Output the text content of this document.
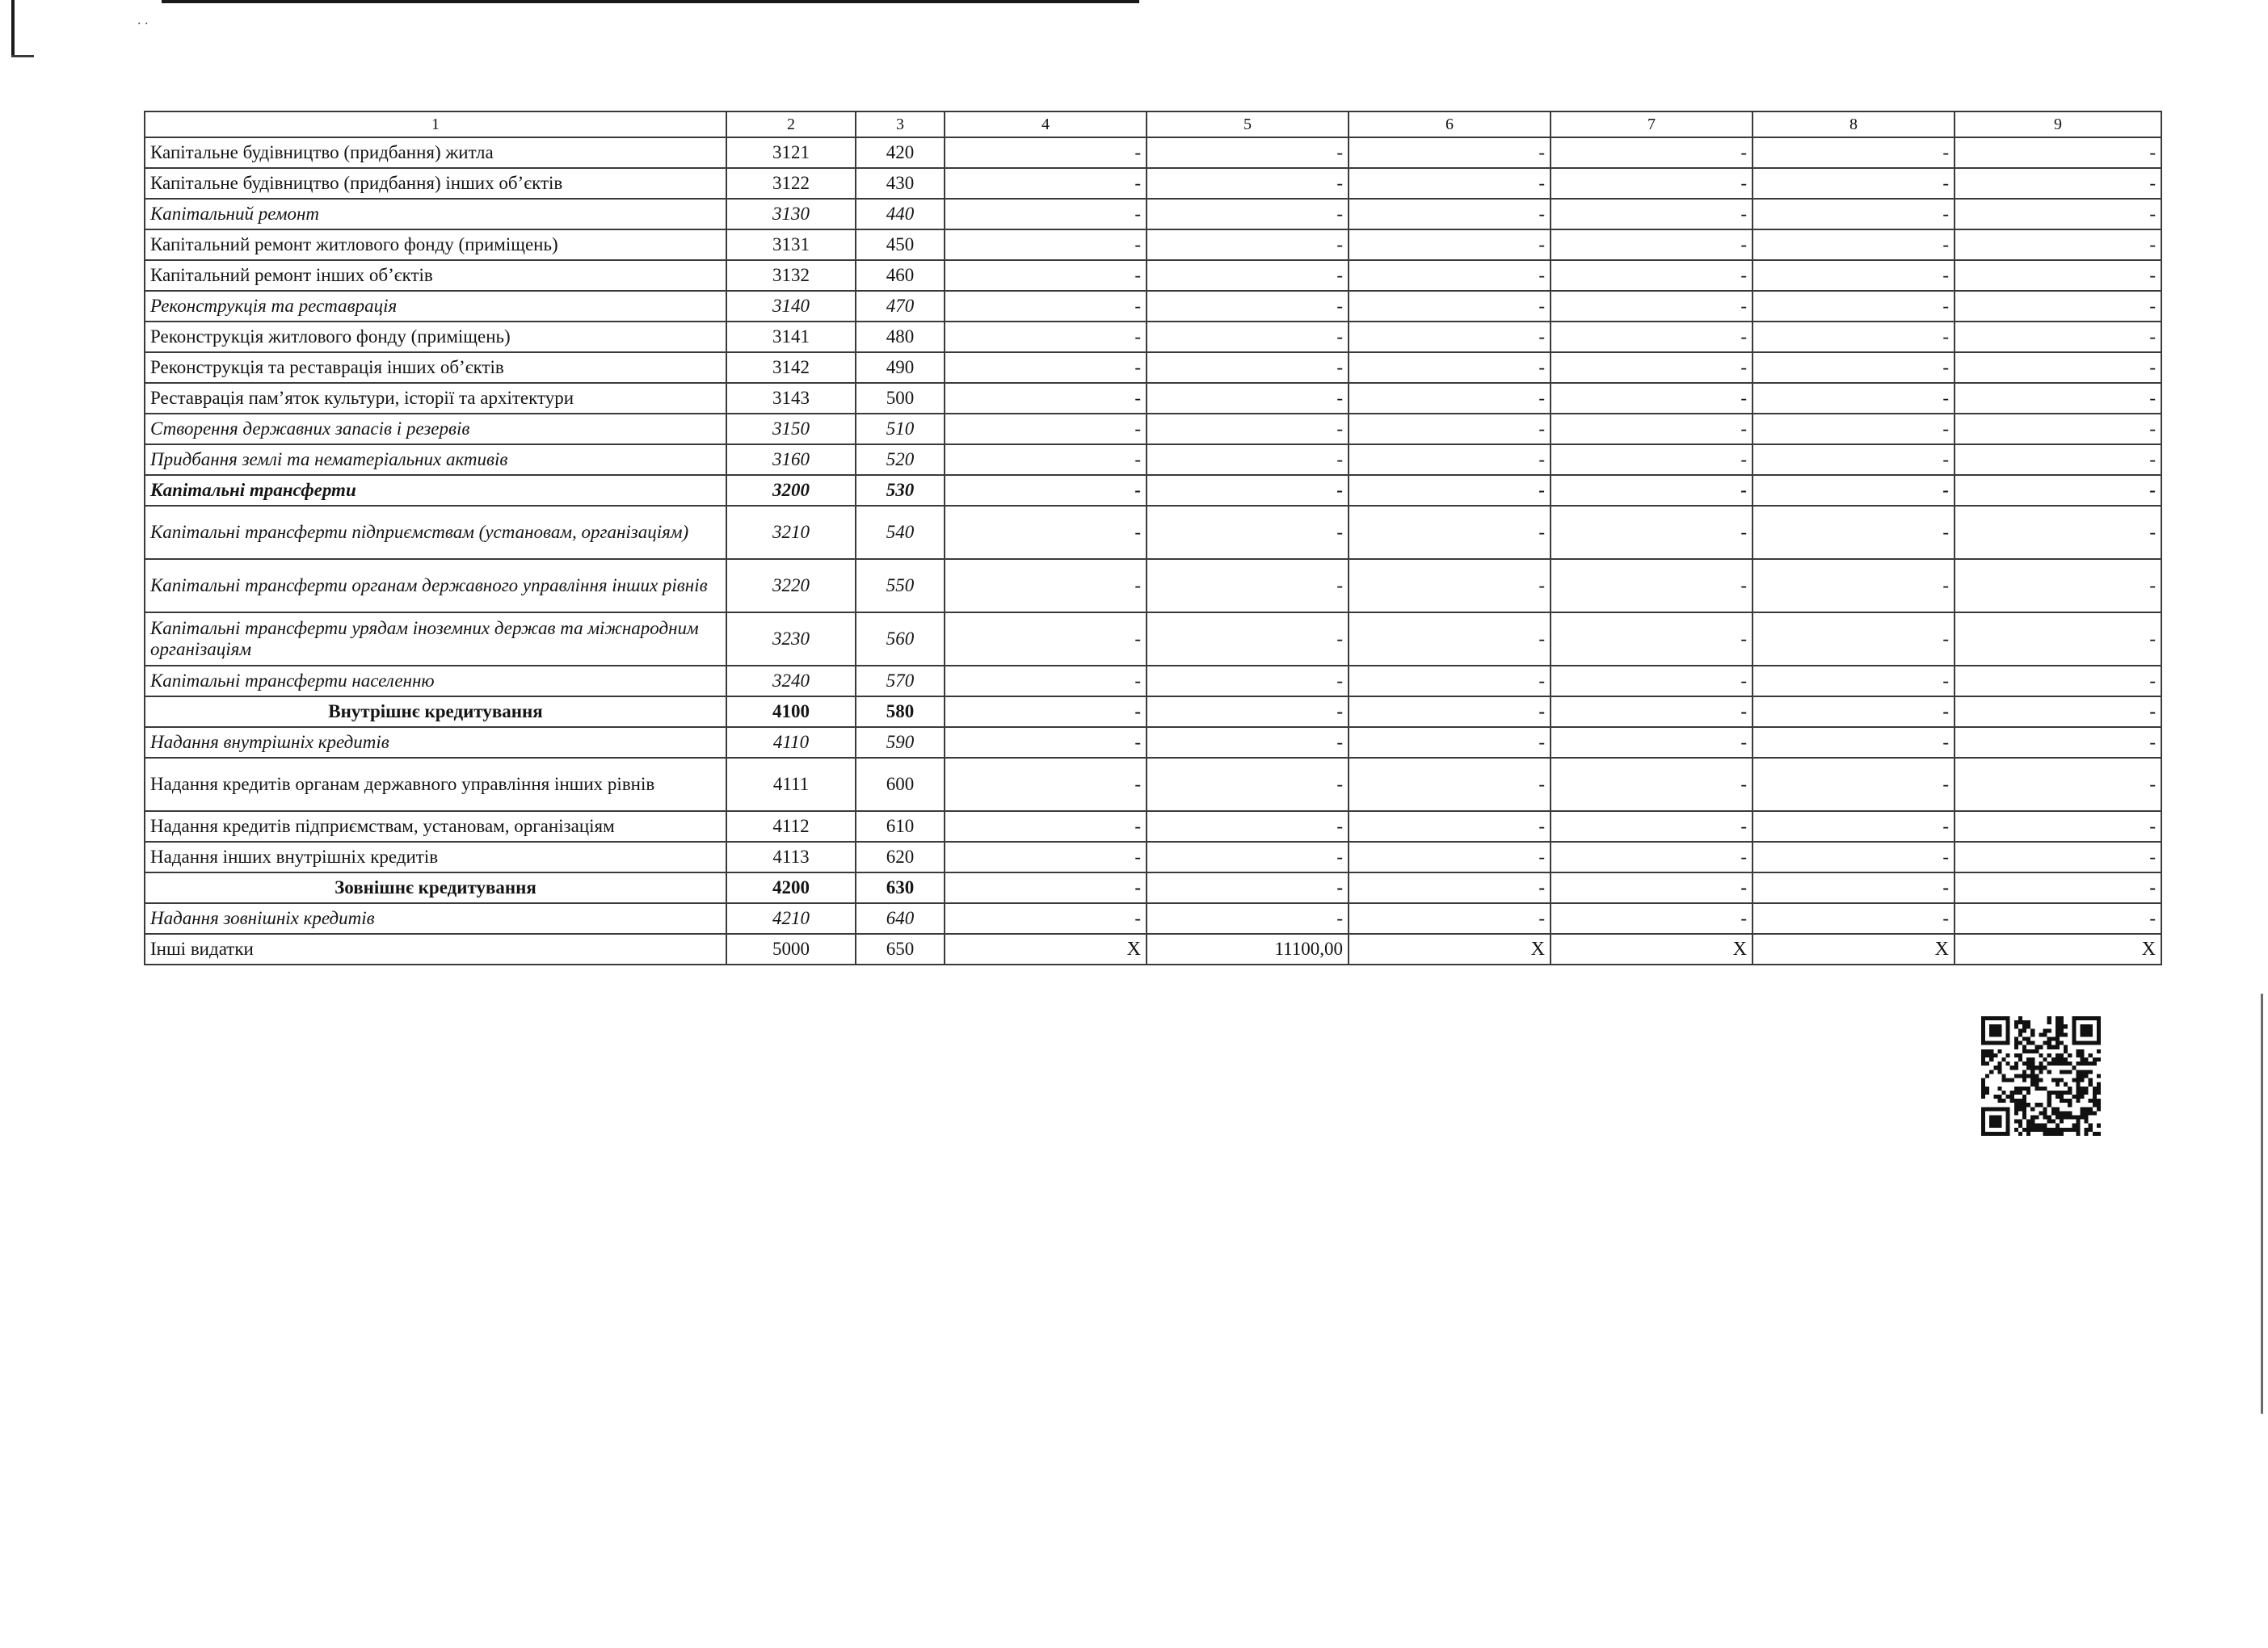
. .
1	2	3	4	5	6	7	8	9
Капітальне будівництво (придбання) житла	3121	420	-	-	-	-	-	-
Капітальне будівництво (придбання) інших об’єктів	3122	430	-	-	-	-	-	-
Капітальний ремонт	3130	440	-	-	-	-	-	-
Капітальний ремонт житлового фонду (приміщень)	3131	450	-	-	-	-	-	-
Капітальний ремонт інших об’єктів	3132	460	-	-	-	-	-	-
Реконструкція та реставрація	3140	470	-	-	-	-	-	-
Реконструкція житлового фонду (приміщень)	3141	480	-	-	-	-	-	-
Реконструкція та реставрація інших об’єктів	3142	490	-	-	-	-	-	-
Реставрація пам’яток культури, історії та архітектури	3143	500	-	-	-	-	-	-
Створення державних запасів і резервів	3150	510	-	-	-	-	-	-
Придбання землі та нематеріальних активів	3160	520	-	-	-	-	-	-
Капітальні трансферти	3200	530	-	-	-	-	-	-
Капітальні трансферти підприємствам (установам, організаціям)	3210	540	-	-	-	-	-	-
Капітальні трансферти органам державного управління інших рівнів	3220	550	-	-	-	-	-	-
Капітальні трансферти урядам іноземних держав та міжнародним організаціям	3230	560	-	-	-	-	-	-
Капітальні трансферти населенню	3240	570	-	-	-	-	-	-
Внутрішнє кредитування	4100	580	-	-	-	-	-	-
Надання внутрішніх кредитів	4110	590	-	-	-	-	-	-
Надання кредитів органам державного управління інших рівнів	4111	600	-	-	-	-	-	-
Надання кредитів підприємствам, установам, організаціям	4112	610	-	-	-	-	-	-
Надання інших внутрішніх кредитів	4113	620	-	-	-	-	-	-
Зовнішнє кредитування	4200	630	-	-	-	-	-	-
Надання зовнішніх кредитів	4210	640	-	-	-	-	-	-
Інші видатки	5000	650	X	11100,00	X	X	X	X
